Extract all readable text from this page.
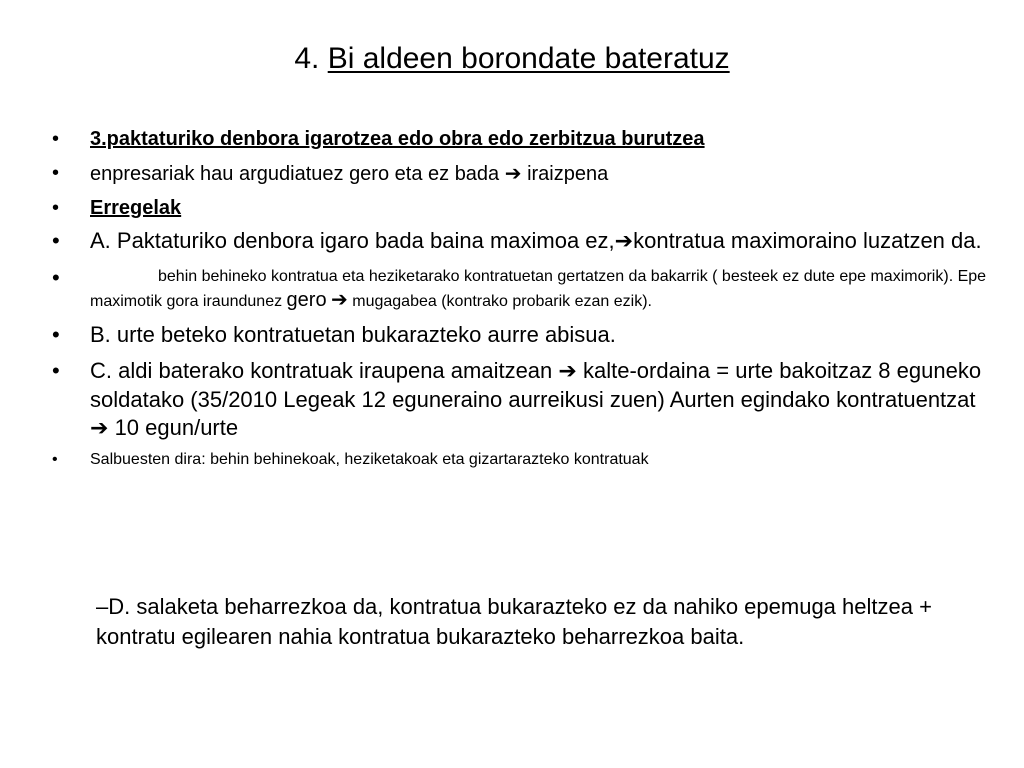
4. Bi aldeen borondate bateratuz
• 3.paktaturiko denbora igarotzea edo obra edo zerbitzua burutzea
• enpresariak hau argudiatuez gero eta ez bada ➔ iraizpena
• Erregelak
• A. Paktaturiko denbora igaro bada baina maximoa ez,➔kontratua maximoraino luzatzen da.
•	behin behineko kontratua eta heziketarako kontratuetan gertatzen da bakarrik ( besteek ez dute epe maximorik). Epe maximotik gora iraundunez gero ➔ mugagabea (kontrako probarik ezan ezik).
• B. urte beteko kontratuetan bukarazteko aurre abisua.
• C. aldi baterako kontratuak iraupena amaitzean ➔ kalte-ordaina = urte bakoitzaz 8 eguneko soldatako (35/2010 Legeak 12 eguneraino aurreikusi zuen) Aurten egindako kontratuentzat ➔ 10 egun/urte
• Salbuesten dira: behin behinekoak, heziketakoak eta gizartarazteko kontratuak
–D. salaketa beharrezkoa da, kontratua bukarazteko ez da nahiko epemuga heltzea + kontratu egilearen nahia kontratua bukarazteko beharrezkoa baita.
